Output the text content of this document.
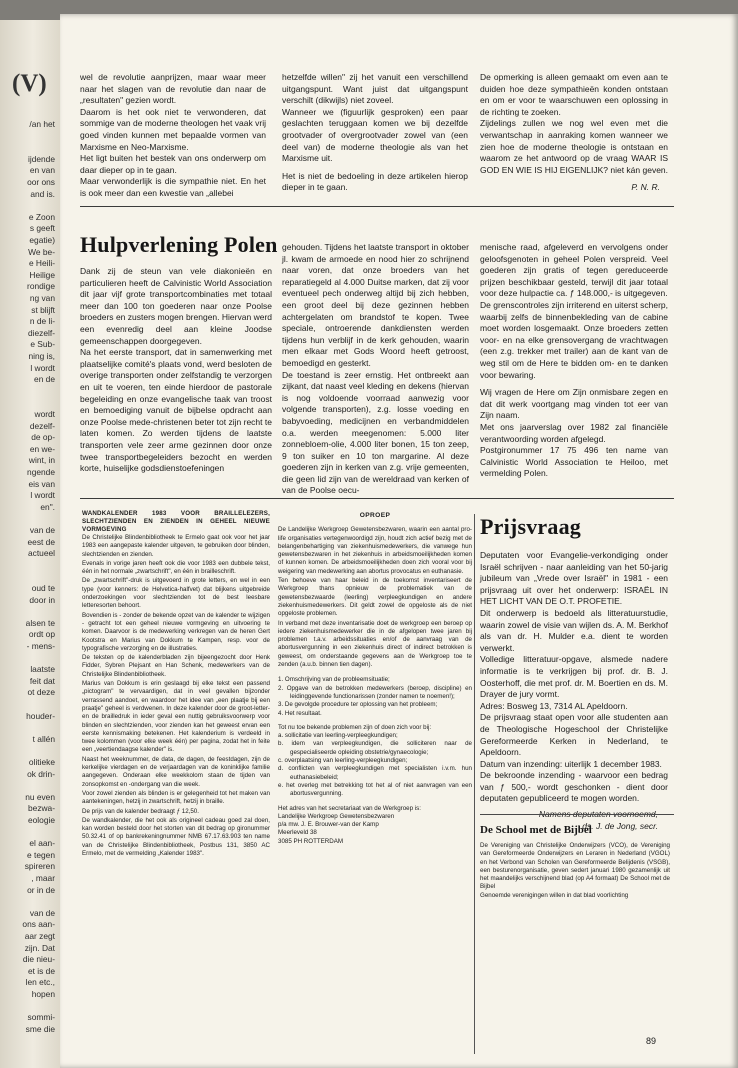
(V)

/an het

ijdende

en van

oor ons

and is.

e Zoon

s geeft

egatie)

We be-

e Heili-

Heilige

rondige

ng van

st blijft

n de li-

diezelf-

e Sub-

ning is,

l wordt

en de

wordt

dezelf-

de op-

en we-

wint, in

ngende

eis van

l wordt

en".

van de

eest de

actueel

oud te

door in

alsen te

ordt op

- mens-

laatste

feit dat

ot deze

houder-

t allén

olitieke

ok drin-

nu even

bezwa-

eologie

el aan-

e tegen

spireren

, maar

or in de

van de

ons aan-

aar zegt

zijn. Dat

die nieu-

et is de

len etc.,

hopen

sommi-

sme die

wel de revolutie aanprijzen, maar waar meer naar het slagen van de revolutie dan naar de „resultaten" gezien wordt.

Daarom is het ook niet te verwonderen, dat sommige van de moderne theologen het vaak vrij goed vinden kunnen met bepaalde vormen van Marxisme en Neo-Marxisme.

Het ligt buiten het bestek van ons onderwerp om daar dieper op in te gaan.

Maar verwonderlijk is die sympathie niet. En het is ook meer dan een kwestie van „allebei

hetzelfde willen" zij het vanuit een verschillend uitgangspunt. Want juist dat uitgangspunt verschilt (dikwijls) niet zoveel.

Wanneer we (figuurlijk gesproken) een paar geslachten teruggaan komen we bij dezelfde grootvader of overgrootvader zowel van (een deel van) de moderne theologie als van het Marxisme uit.

Het is niet de bedoeling in deze artikelen hierop dieper in te gaan.

De opmerking is alleen gemaakt om even aan te duiden hoe deze sympathieën konden ontstaan en om er voor te waarschuwen een oplossing in de richting te zoeken.

Zijdelings zullen we nog wel even met die verwantschap in aanraking komen wanneer we zien hoe de moderne theologie is ontstaan en waarom ze het antwoord op de vraag WAAR IS GOD EN WIE IS HIJ EIGENLIJK? niet kán geven.

P. N. R.

Hulpverlening Polen

Dank zij de steun van vele diakonieën en particulieren heeft de Calvinistic World Association dit jaar vijf grote transportcombinaties met totaal meer dan 100 ton goederen naar onze Poolse broeders en zusters mogen brengen. Hiervan werd een evenredig deel aan kleine Joodse gemeenschappen doorgegeven.

Na het eerste transport, dat in samenwerking met plaatselijke comité's plaats vond, werd besloten de overige transporten onder zelfstandig te verzorgen en uit te voeren, ten einde hierdoor de pastorale begeleiding en onze evangelische taak van troost en bemoediging vanuit de bijbelse opdracht aan onze Poolse mede-christenen beter tot zijn recht te laten komen. Zo werden tijdens de laatste transporten vele zeer arme gezinnen door onze twee transportbegeleiders bezocht en werden korte, huiselijke godsdienstoefeningen

gehouden. Tijdens het laatste transport in oktober jl. kwam de armoede en nood hier zo schrijnend naar voren, dat onze broeders van het reparatiegeld al 4.000 Duitse marken, dat zij voor eventueel pech onderweg altijd bij zich hebben, een groot deel bij deze gezinnen hebben achtergelaten om brandstof te kopen. Twee speciale, ontroerende dankdiensten werden tijdens hun verblijf in de kerk gehouden, waarin men elkaar met Gods Woord heeft getroost, bemoedigd en gesterkt.

De toestand is zeer ernstig. Het ontbreekt aan zijkant, dat naast veel kleding en dekens (hiervan is nog voldoende voorraad aanwezig voor volgende transporten), z.g. losse voeding en babyvoeding, medicijnen en verbandmiddelen o.a. werden meegenomen: 5.000 liter zonnebloem-olie, 4.000 liter bonen, 15 ton zeep, 9 ton suiker en 10 ton margarine. Al deze goederen zijn in kerken van z.g. vrije gemeenten, die geen lid zijn van de wereldraad van kerken of van de Poolse oecu-

menische raad, afgeleverd en vervolgens onder geloofsgenoten in geheel Polen verspreid. Veel goederen zijn gratis of tegen gereduceerde prijzen beschikbaar gesteld, terwijl dit jaar totaal voor deze hulpactie ca. ƒ 148.000,- is uitgegeven.

De grenscontroles zijn irriterend en uiterst scherp, waarbij zelfs de binnenbekleding van de cabine moet worden losgemaakt. Onze broeders zetten voor- en na elke grensovergang de vrachtwagen (een z.g. trekker met trailer) aan de kant van de weg stil om de Here te bidden om- en te danken voor bewaring.

Wij vragen de Here om Zijn onmisbare zegen en dat dit werk voortgang mag vinden tot eer van Zijn naam.

Met ons jaarverslag over 1982 zal financiële verantwoording worden afgelegd.

Postgironummer 17 75 496 ten name van Calvinistic World Association te Heiloo, met vermelding Polen.

WANDKALENDER 1983 VOOR BRAILLELEZERS, SLECHTZIENDEN EN ZIENDEN IN GEHEEL NIEUWE VORMGEVING

De Christelijke Blindenbibliotheek te Ermelo gaat ook voor het jaar 1983 een aangepaste kalender uitgeven, te gebruiken door blinden, slechtzienden en zienden.

Evenals in vorige jaren heeft ook die voor 1983 een dubbele tekst, één in het normale „zwartschrift", en één in brailleschrift.

De „zwartschrift"-druk is uitgevoerd in grote letters, en wel in een type (voor kenners: de Helvetica-halfvet) dat blijkens uitgebreide onderzoekingen voor slechtzienden tot de best leesbare letteresorten behoort.

Bovendien is - zonder de bekende opzet van de kalender te wijzigen - getracht tot een geheel nieuwe vormgeving en uitvoering te komen. Daarvoor is de medewerking verkregen van de heren Gert Kootstra en Marius van Dokkum te Kampen, resp. voor de typografische verzorging en de illustraties.

De teksten op de kalenderbladen zijn bijeengezocht door Henk Fidder, Sybren Plejsant en Han Schenk, medewerkers van de Christelijke Blindenbibliotheek.

Marius van Dokkum is erin geslaagd bij elke tekst een passend „pictogram" te vervaardigen, dat in veel gevallen bijzonder verrassend aandoet, en waardoor het idee van „een plaatje bij een praatje" geheel is verdwenen. In deze kalender door de groot-letter-en de brailledruk in ieder geval een nuttig gebruiksvoorwerp voor blinden en slechtzienden, voor zienden kan het geweest ervan een eerste kennismaking betekenen. Het kalenderium is verdeeld in twee kolommen (voor elke week één) per pagina, zodat het in feite een „veertiendaagse kalender" is.

Naast het weeknummer, de data, de dagen, de feestdagen, zijn de kerkelijke vierdagen en de verjaardagen van de koninklijke familie aangegeven. Onderaan elke weekkolom staan de tijden van zonsopkomst en -ondergang van die week.

Voor zowel zienden als blinden is er gelegenheid tot het maken van aantekeningen, hetzij in zwartschrift, hetzij in braille.

De prijs van de kalender bedraagt ƒ 12,50.

De wandkalender, die het ook als origineel cadeau goed zal doen, kan worden besteld door het storten van dit bedrag op gironummer 50.32.41 of op bankrekeningnummer NMB 67.17.63.903 ten name van de Christelijke Blindenbibliotheek, Postbus 131, 3850 AC Ermelo, met de vermelding „Kalender 1983".

OPROEP

De Landelijke Werkgroep Gewetensbezwaren, waarin een aantal pro-life organisaties vertegenwoordigd zijn, houdt zich actief bezig met de belangenbehartiging van ziekenhuismedewerkers, die vanwege hun gewetensbezwaren in het ziekenhuis in arbeidsmoeilijkheden komen of kunnen komen. De arbeidsmoeilijkheden doen zich vooral voor bij weigering van medewerking aan abortus provocatus en euthanasie.

Ten behoeve van haar beleid in de toekomst inventariseert de Werkgroep thans opnieuw de problematiek van de gewetensbezwaarde (leerling) verpleegkundigen en andere ziekenhuismedewerkers. Dit geldt zowel de opgeloste als de niet opgeloste problemen.

In verband met deze inventarisatie doet de werkgroep een beroep op iedere ziekenhuismedewerker die in de afgelopen twee jaren bij problemen t.a.v. arbeidssituaties en/of de aanvraag van de abortusvergunning in een ziekenhuis direct of indirect betrokken is geweest, om onderstaande gegevens aan de Werkgroep toe te zenden (a.u.b. binnen tien dagen).

1. Omschrijving van de probleemsituatie;

2. Opgave van de betrokken medewerkers (beroep, discipline) en leidinggevende functionarissen (zonder namen te noemen!);

3. De gevolgde procedure ter oplossing van het probleem;

4. Het resultaat.

Tot nu toe bekende problemen zijn of doen zich voor bij:

a. sollicitatie van leerling-verpleegkundigen;

b. idem van verpleegkundigen, die solliciteren naar de gespecialiseerde opleiding obstetrie/gynaecologie;

c. overplaatsing van leerling-verpleegkundigen;

d. conflicten van verpleegkundigen met specialisten i.v.m. hun euthanasiebeleid;

e. het overleg met betrekking tot het al of niet aanvragen van een abortusvergunning.

Het adres van het secretariaat van de Werkgroep is:

Landelijke Werkgroep Gewetensbezwaren

p/a mw. J. E. Brouwer-van der Kamp

Meerleveld 38

3085 PH ROTTERDAM

Prijsvraag

Deputaten voor Evangelie-verkondiging onder Israël schrijven - naar aanleiding van het 50-jarig jubileum van „Vrede over Israël" in 1981 - een prijsvraag uit over het onderwerp: ISRAËL IN HET LICHT VAN DE O.T. PROFETIE.

Dit onderwerp is bedoeld als litteratuurstudie, waarin zowel de visie van wijlen ds. A. M. Berkhof als van dr. H. Mulder e.a. dient te worden verwerkt.

Volledige litteratuur-opgave, alsmede nadere informatie is te verkrijgen bij prof. dr. B. J. Oosterhoff, die met prof. dr. M. Boertien en ds. M. Drayer de jury vormt.

Adres: Bosweg 13, 7314 AL Apeldoorn.

De prijsvraag staat open voor alle studenten aan de Theologische Hogeschool der Christelijke Gereformeerde Kerken in Nederland, te Apeldoorn.

Datum van inzending: uiterlijk 1 december 1983.

De bekroonde inzending - waarvoor een bedrag van ƒ 500,- wordt geschonken - dient door deputaten gepubliceerd te mogen worden.

Namens deputaten voornoemd,

ds. J. de Jong, secr.

De School met de Bijbel

De Vereniging van Christelijke Onderwijzers (VCO), de Vereniging van Gereformeerde Onderwijzers en Leraren in Nederland (VGOL) en het Verbond van Scholen van Gereformeerde Belijdenis (VSGB), een besturenorganisatie, geven sedert januari 1980 gezamenlijk uit het maandelijks verschijnend blad (op A4 formaat) De School met de Bijbel

Genoemde verenigingen willen in dat blad voorlichting

89
